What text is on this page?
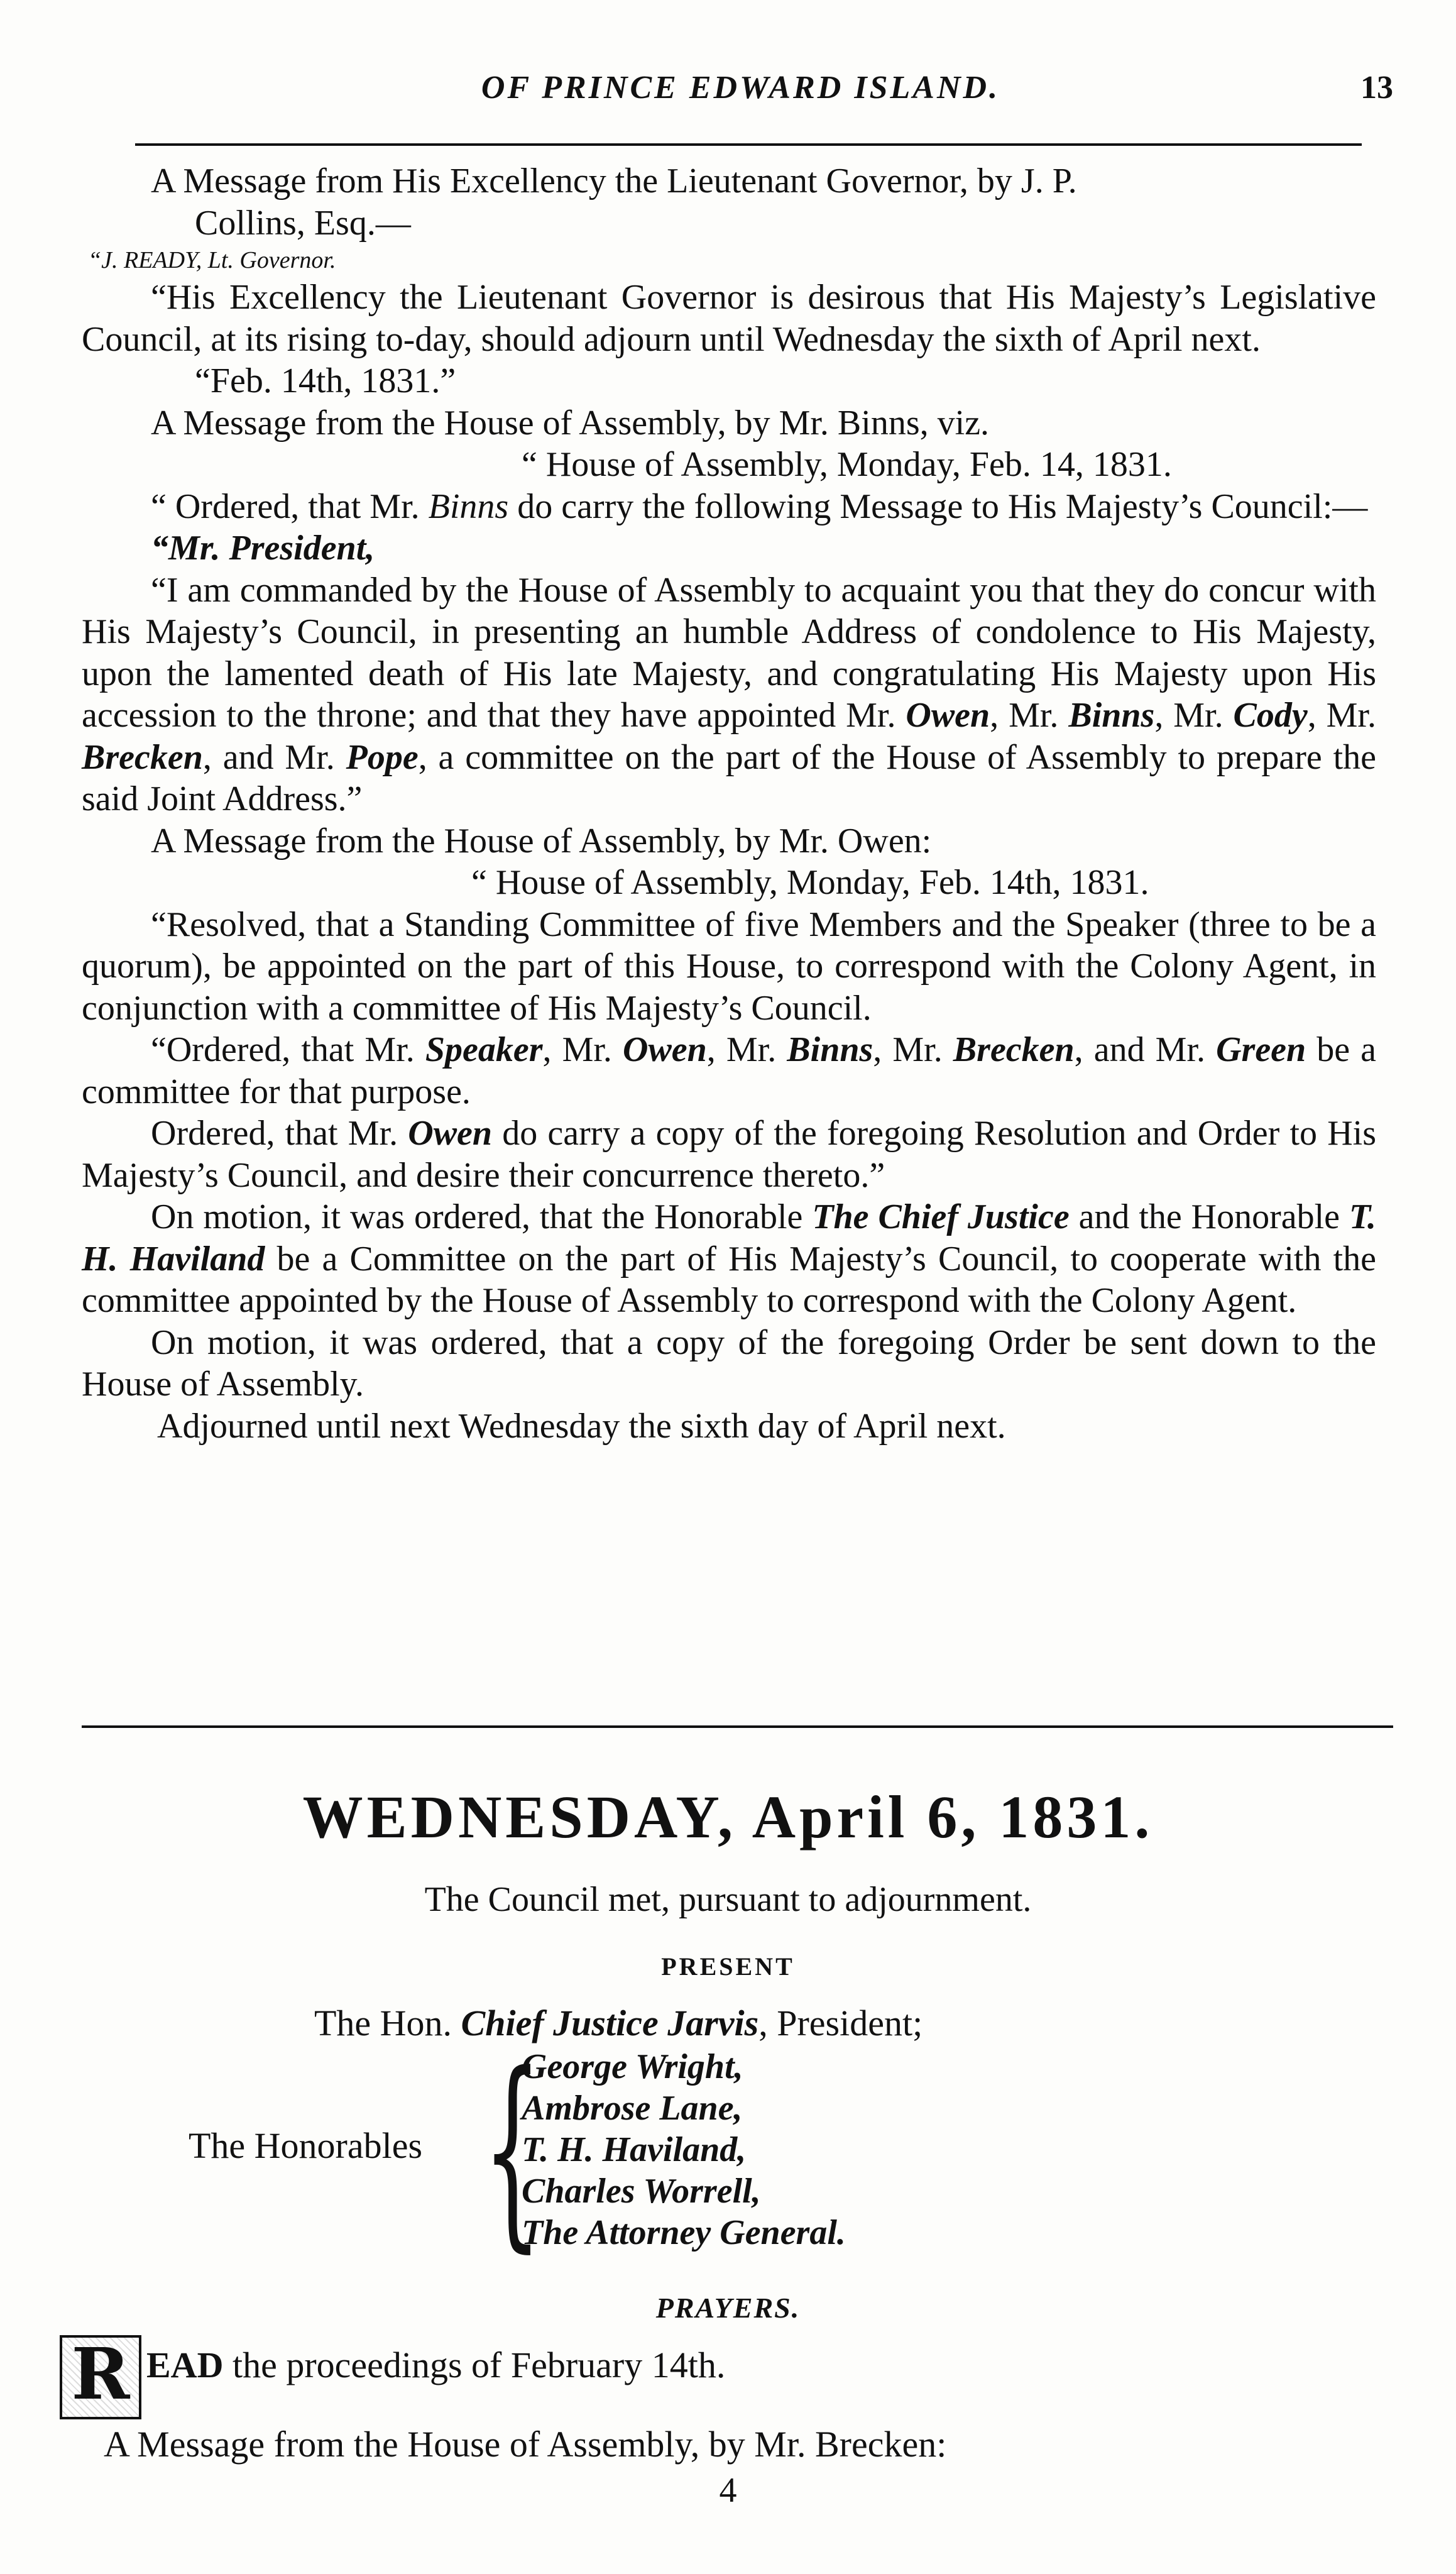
OF PRINCE EDWARD ISLAND.	13

A Message from His Excellency the Lieutenant Governor, by J. P.
Collins, Esq.—

“J. READY, Lt. Governor.

“His Excellency the Lieutenant Governor is desirous that His Majesty’s Legislative Council, at its rising to-day, should adjourn until Wednesday the sixth of April next.

“Feb. 14th, 1831.”

A Message from the House of Assembly, by Mr. Binns, viz.

“ House of Assembly, Monday, Feb. 14, 1831.

“ Ordered, that Mr. Binns do carry the following Message to His Majesty’s Council:—

“Mr. President,

“I am commanded by the House of Assembly to acquaint you that they do concur with His Majesty’s Council, in presenting an humble Address of condolence to His Majesty, upon the lamented death of His late Majesty, and congratulating His Majesty upon His accession to the throne; and that they have appointed Mr. Owen, Mr. Binns, Mr. Cody, Mr. Brecken, and Mr. Pope, a committee on the part of the House of Assembly to prepare the said Joint Address.”

A Message from the House of Assembly, by Mr. Owen:

“ House of Assembly, Monday, Feb. 14th, 1831.

“Resolved, that a Standing Committee of five Members and the Speaker (three to be a quorum), be appointed on the part of this House, to correspond with the Colony Agent, in conjunction with a committee of His Majesty’s Council.

“Ordered, that Mr. Speaker, Mr. Owen, Mr. Binns, Mr. Brecken, and Mr. Green be a committee for that purpose.

Ordered, that Mr. Owen do carry a copy of the foregoing Resolution and Order to His Majesty’s Council, and desire their concurrence thereto.”

On motion, it was ordered, that the Honorable The Chief Justice and the Honorable T. H. Haviland be a Committee on the part of His Majesty’s Council, to cooperate with the committee appointed by the House of Assembly to correspond with the Colony Agent.

On motion, it was ordered, that a copy of the foregoing Order be sent down to the House of Assembly.

Adjourned until next Wednesday the sixth day of April next.

WEDNESDAY, April 6, 1831.
The Council met, pursuant to adjournment.
PRESENT
The Hon. Chief Justice Jarvis, President;
The Honorables {
George Wright,
Ambrose Lane,
T. H. Haviland,
Charles Worrell,
The Attorney General.
PRAYERS.
R EAD the proceedings of February 14th.
A Message from the House of Assembly, by Mr. Brecken:
4
